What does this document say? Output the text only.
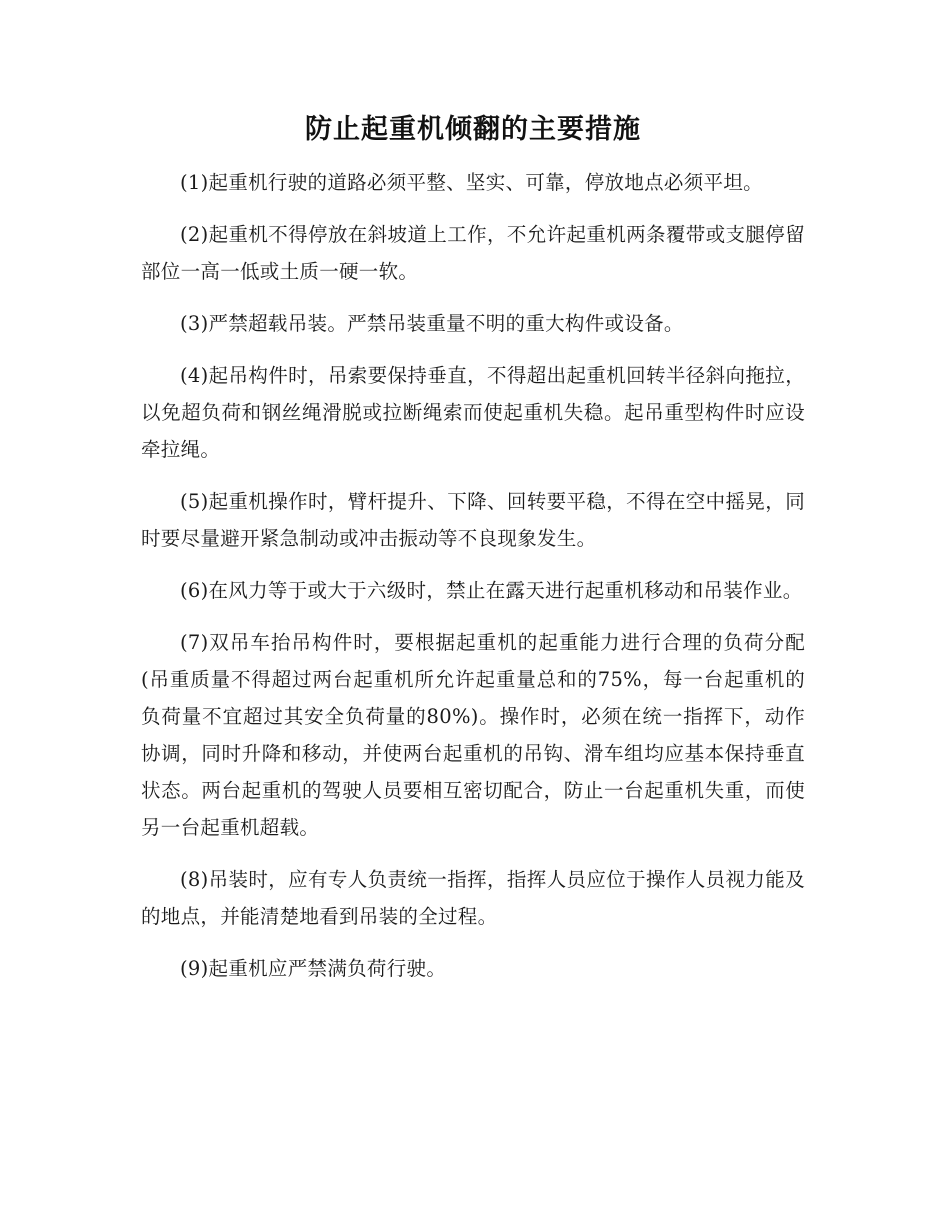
防止起重机倾翻的主要措施

(1)起重机行驶的道路必须平整、坚实、可靠，停放地点必须平坦。

(2)起重机不得停放在斜坡道上工作，不允许起重机两条覆带或支腿停留部位一高一低或土质一硬一软。

(3)严禁超载吊装。严禁吊装重量不明的重大构件或设备。

(4)起吊构件时，吊索要保持垂直，不得超出起重机回转半径斜向拖拉，以免超负荷和钢丝绳滑脱或拉断绳索而使起重机失稳。起吊重型构件时应设牵拉绳。

(5)起重机操作时，臂杆提升、下降、回转要平稳，不得在空中摇晃，同时要尽量避开紧急制动或冲击振动等不良现象发生。

(6)在风力等于或大于六级时，禁止在露天进行起重机移动和吊装作业。

(7)双吊车抬吊构件时，要根据起重机的起重能力进行合理的负荷分配(吊重质量不得超过两台起重机所允许起重量总和的75%，每一台起重机的负荷量不宜超过其安全负荷量的80%)。操作时，必须在统一指挥下，动作协调，同时升降和移动，并使两台起重机的吊钩、滑车组均应基本保持垂直状态。两台起重机的驾驶人员要相互密切配合，防止一台起重机失重，而使另一台起重机超载。

(8)吊装时，应有专人负责统一指挥，指挥人员应位于操作人员视力能及的地点，并能清楚地看到吊装的全过程。

(9)起重机应严禁满负荷行驶。
